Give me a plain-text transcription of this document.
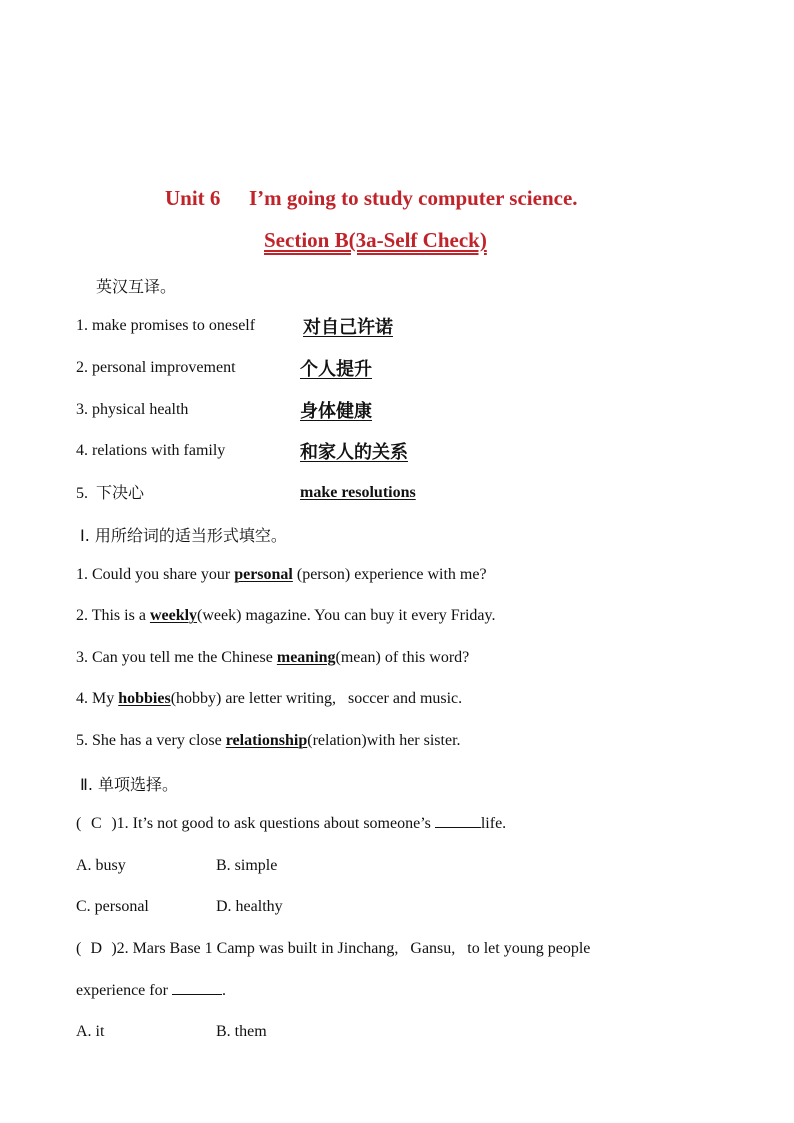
Unit 6 I’m going to study computer science.
Section B(3a-Self Check)
英汉互译。
1. make promises to oneself	对自己许诺
2. personal improvement	个人提升
3. physical health	身体健康
4. relations with family	和家人的关系
5. 下决心	make resolutions
Ⅰ. 用所给词的适当形式填空。
1. Could you share your personal (person) experience with me?
2. This is a weekly(week) magazine. You can buy it every Friday.
3. Can you tell me the Chinese meaning(mean) of this word?
4. My hobbies(hobby) are letter writing,   soccer and music.
5. She has a very close relationship(relation)with her sister.
Ⅱ. 单项选择。
( C )1. It’s not good to ask questions about someone’s	life.
A. busy	B. simple
C. personal	D. healthy
( D )2. Mars Base 1 Camp was built in Jinchang,   Gansu,   to let young people
experience for	.
A. it	B. them
